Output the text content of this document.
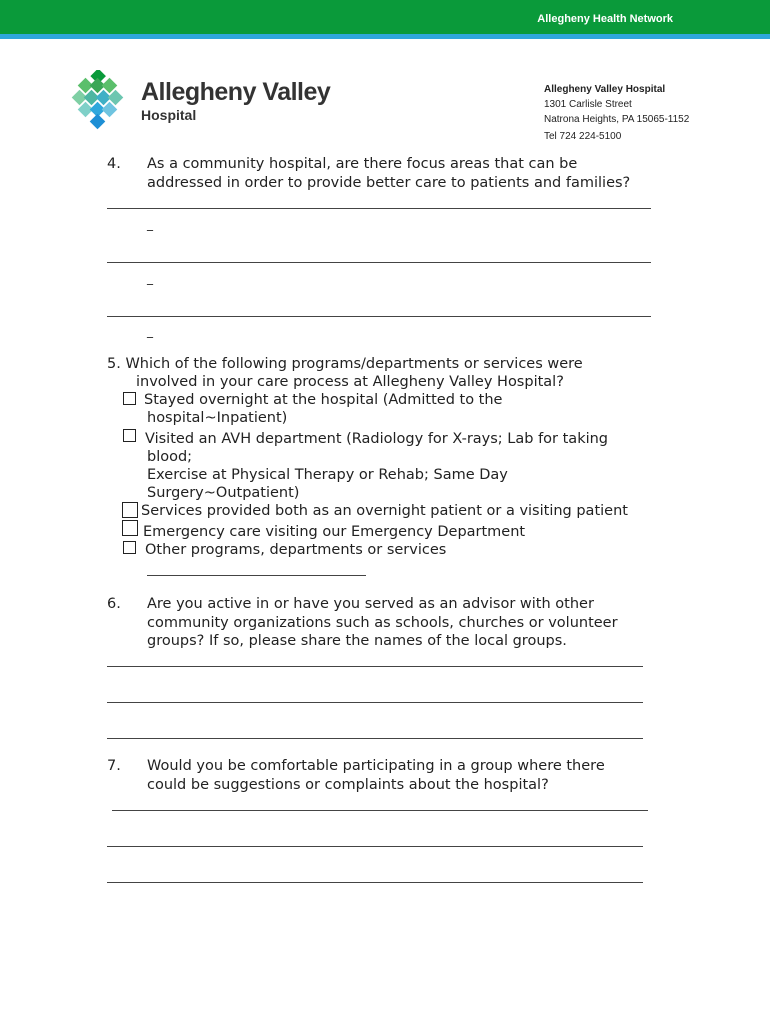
Allegheny Health Network
Allegheny Valley
Hospital
Allegheny Valley Hospital
1301 Carlisle Street
Natrona Heights, PA 15065-1152
Tel 724 224-5100
4. As a community hospital, are there focus areas that can be
addressed in order to provide better care to patients and families?
_
_
_
5. Which of the following programs/departments or services were
involved in your care process at Allegheny Valley Hospital?
Stayed overnight at the hospital (Admitted to the
hospital~Inpatient)
Visited an AVH department (Radiology for X-rays; Lab for taking
blood;
Exercise at Physical Therapy or Rehab; Same Day
Surgery~Outpatient)
Services provided both as an overnight patient or a visiting patient
Emergency care visiting our Emergency Department
Other programs, departments or services
6. Are you active in or have you served as an advisor with other
community organizations such as schools, churches or volunteer
groups? If so, please share the names of the local groups.
7. Would you be comfortable participating in a group where there
could be suggestions or complaints about the hospital?
